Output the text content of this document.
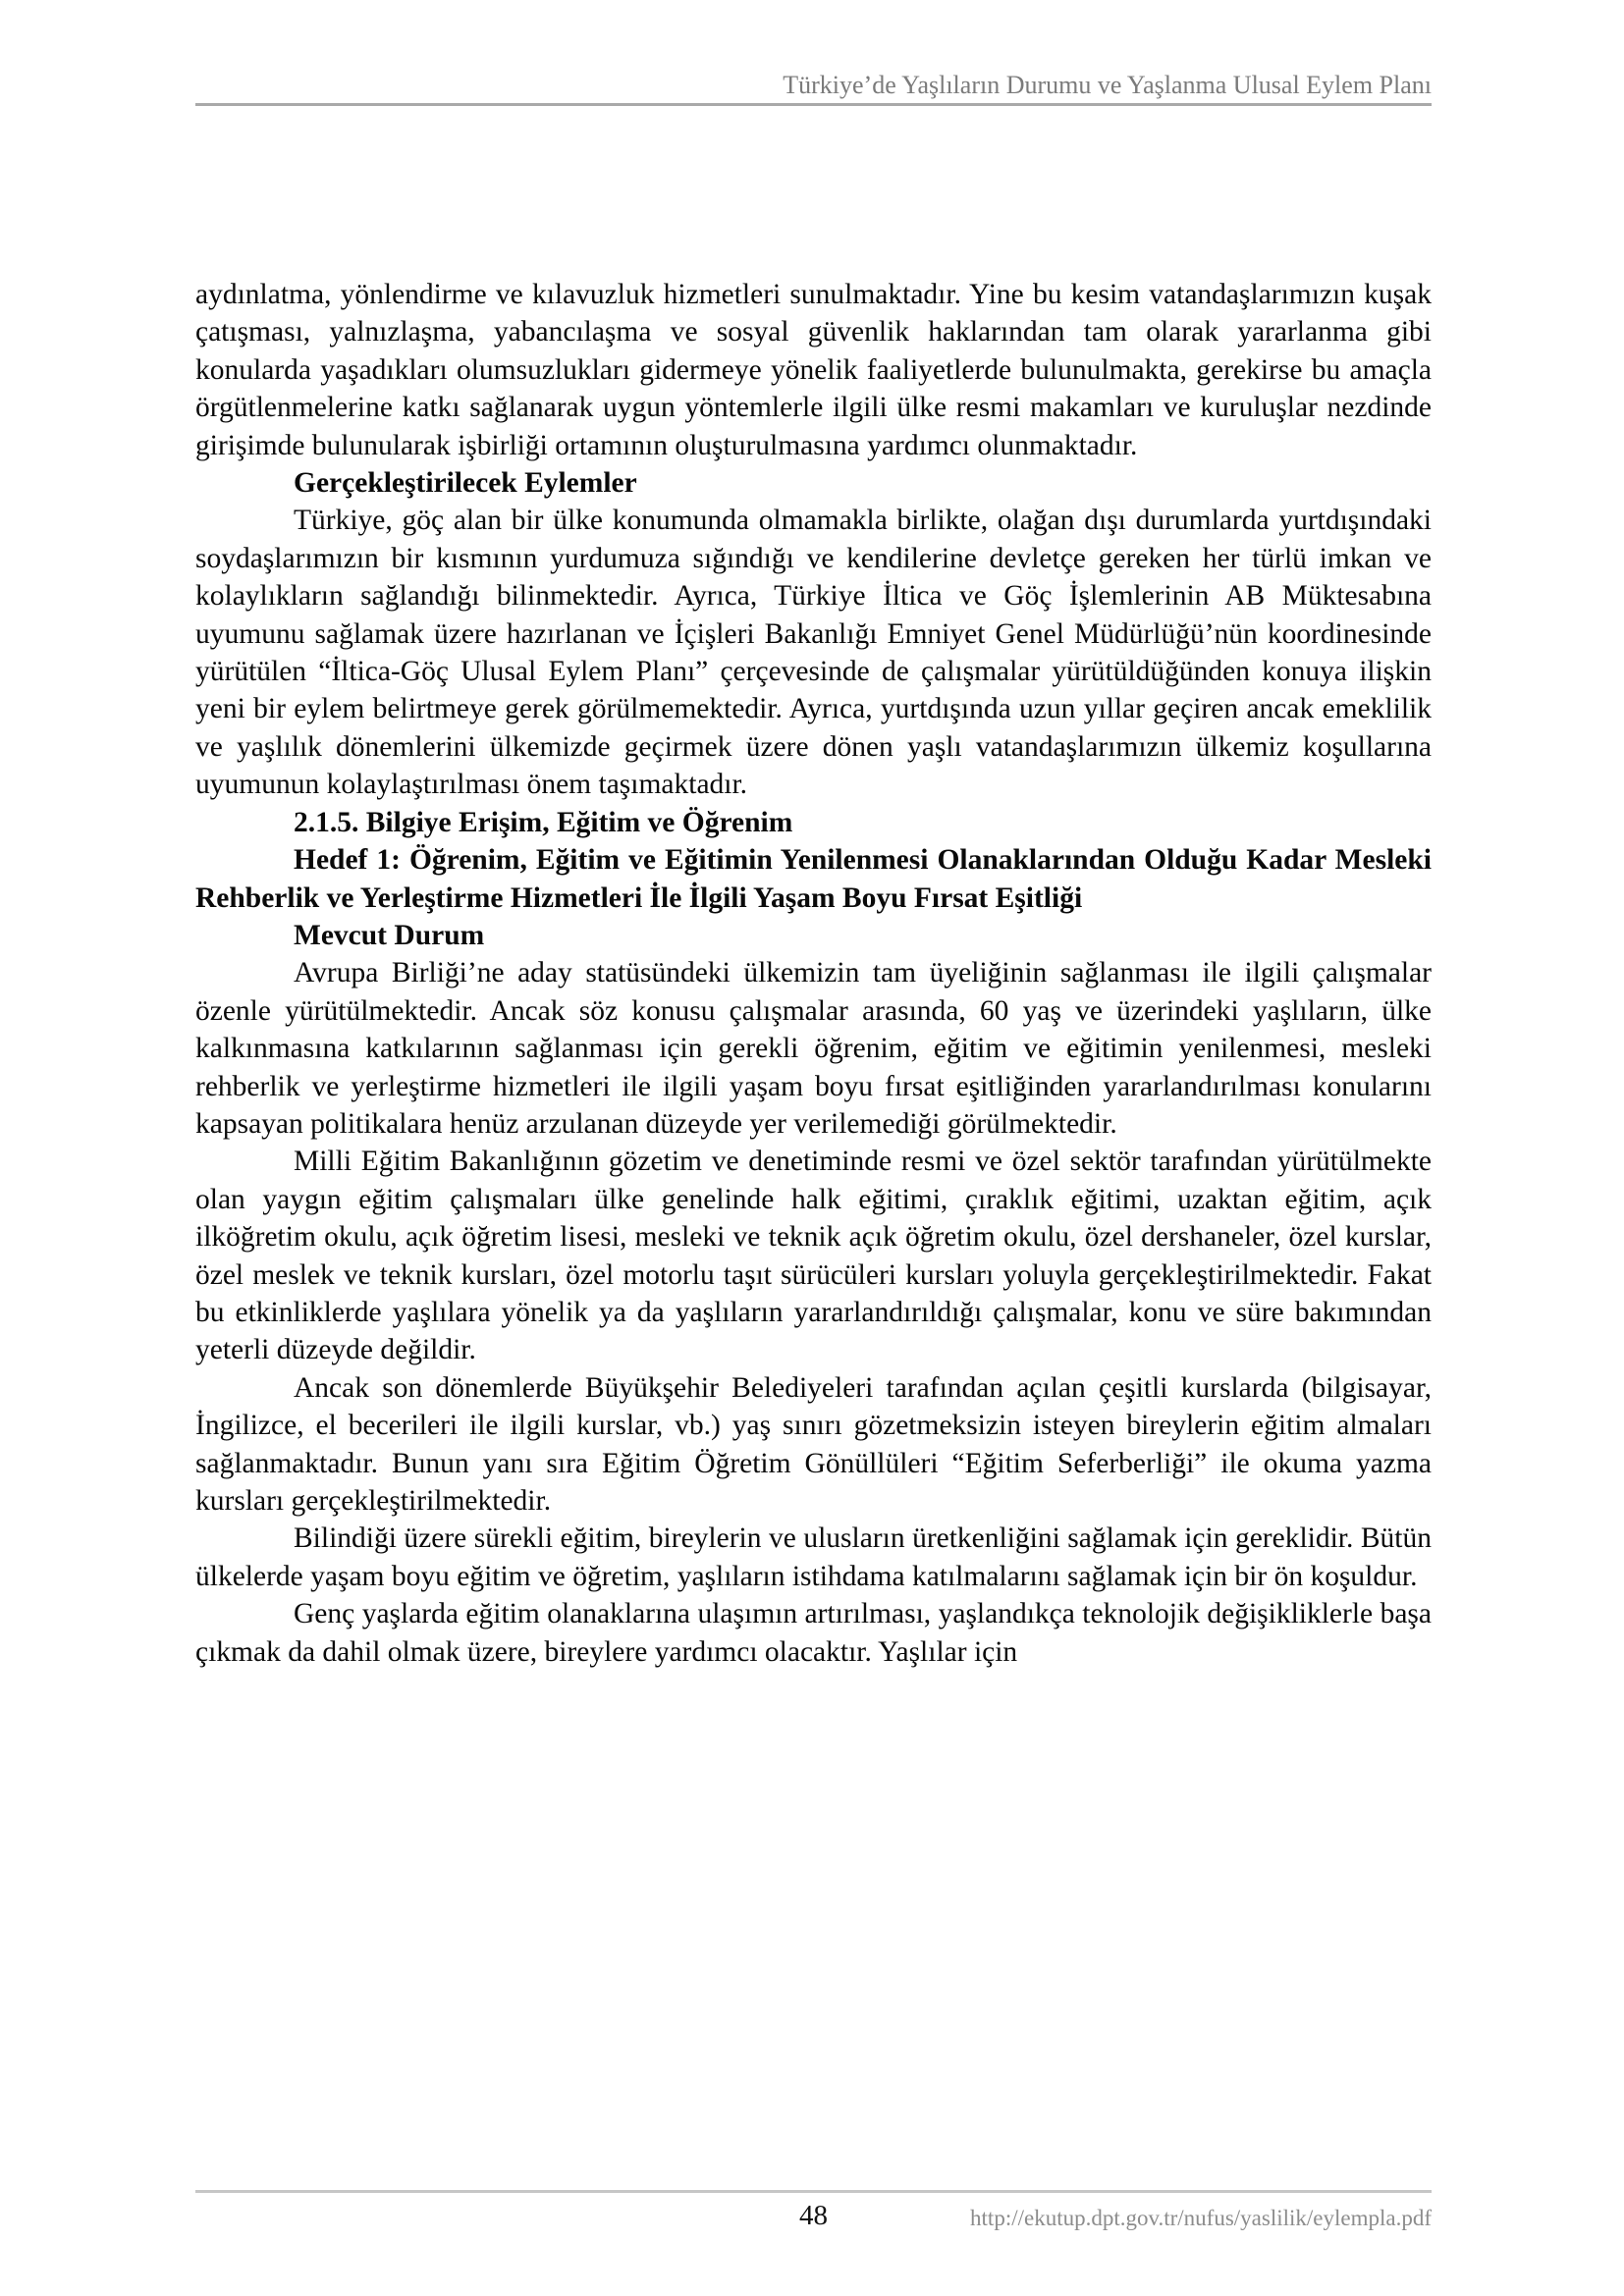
Türkiye’de Yaşlıların Durumu ve Yaşlanma Ulusal Eylem Planı

aydınlatma, yönlendirme ve kılavuzluk hizmetleri sunulmaktadır. Yine bu kesim vatandaşlarımızın kuşak çatışması, yalnızlaşma, yabancılaşma ve sosyal güvenlik haklarından tam olarak yararlanma gibi konularda yaşadıkları olumsuzlukları gidermeye yönelik faaliyetlerde bulunulmakta, gerekirse bu amaçla örgütlenmelerine katkı sağlanarak uygun yöntemlerle ilgili ülke resmi makamları ve kuruluşlar nezdinde girişimde bulunularak işbirliği ortamının oluşturulmasına yardımcı olunmaktadır.

Gerçekleştirilecek Eylemler

Türkiye, göç alan bir ülke konumunda olmamakla birlikte, olağan dışı durumlarda yurtdışındaki soydaşlarımızın bir kısmının yurdumuza sığındığı ve kendilerine devletçe gereken her türlü imkan ve kolaylıkların sağlandığı bilinmektedir. Ayrıca, Türkiye İltica ve Göç İşlemlerinin AB Müktesabına uyumunu sağlamak üzere hazırlanan ve İçişleri Bakanlığı Emniyet Genel Müdürlüğü’nün koordinesinde yürütülen “İltica-Göç Ulusal Eylem Planı” çerçevesinde de çalışmalar yürütüldüğünden konuya ilişkin yeni bir eylem belirtmeye gerek görülmemektedir. Ayrıca, yurtdışında uzun yıllar geçiren ancak emeklilik ve yaşlılık dönemlerini ülkemizde geçirmek üzere dönen yaşlı vatandaşlarımızın ülkemiz koşullarına uyumunun kolaylaştırılması önem taşımaktadır.

2.1.5. Bilgiye Erişim, Eğitim ve Öğrenim

Hedef 1: Öğrenim, Eğitim ve Eğitimin Yenilenmesi Olanaklarından Olduğu Kadar Mesleki Rehberlik ve Yerleştirme Hizmetleri İle İlgili Yaşam Boyu Fırsat Eşitliği

Mevcut Durum

Avrupa Birliği’ne aday statüsündeki ülkemizin tam üyeliğinin sağlanması ile ilgili çalışmalar özenle yürütülmektedir. Ancak söz konusu çalışmalar arasında, 60 yaş ve üzerindeki yaşlıların, ülke kalkınmasına katkılarının sağlanması için gerekli öğrenim, eğitim ve eğitimin yenilenmesi, mesleki rehberlik ve yerleştirme hizmetleri ile ilgili yaşam boyu fırsat eşitliğinden yararlandırılması konularını kapsayan politikalara henüz arzulanan düzeyde yer verilemediği görülmektedir.

Milli Eğitim Bakanlığının gözetim ve denetiminde resmi ve özel sektör tarafından yürütülmekte olan yaygın eğitim çalışmaları ülke genelinde halk eğitimi, çıraklık eğitimi, uzaktan eğitim, açık ilköğretim okulu, açık öğretim lisesi, mesleki ve teknik açık öğretim okulu, özel dershaneler, özel kurslar, özel meslek ve teknik kursları, özel motorlu taşıt sürücüleri kursları yoluyla gerçekleştirilmektedir. Fakat bu etkinliklerde yaşlılara yönelik ya da yaşlıların yararlandırıldığı çalışmalar, konu ve süre bakımından yeterli düzeyde değildir.

Ancak son dönemlerde Büyükşehir Belediyeleri tarafından açılan çeşitli kurslarda (bilgisayar, İngilizce, el becerileri ile ilgili kurslar, vb.) yaş sınırı gözetmeksizin isteyen bireylerin eğitim almaları sağlanmaktadır. Bunun yanı sıra Eğitim Öğretim Gönüllüleri “Eğitim Seferberliği” ile okuma yazma kursları gerçekleştirilmektedir.

Bilindiği üzere sürekli eğitim, bireylerin ve ulusların üretkenliğini sağlamak için gereklidir. Bütün ülkelerde yaşam boyu eğitim ve öğretim, yaşlıların istihdama katılmalarını sağlamak için bir ön koşuldur.

Genç yaşlarda eğitim olanaklarına ulaşımın artırılması, yaşlandıkça teknolojik değişikliklerle başa çıkmak da dahil olmak üzere, bireylere yardımcı olacaktır. Yaşlılar için

48	http://ekutup.dpt.gov.tr/nufus/yaslilik/eylempla.pdf
